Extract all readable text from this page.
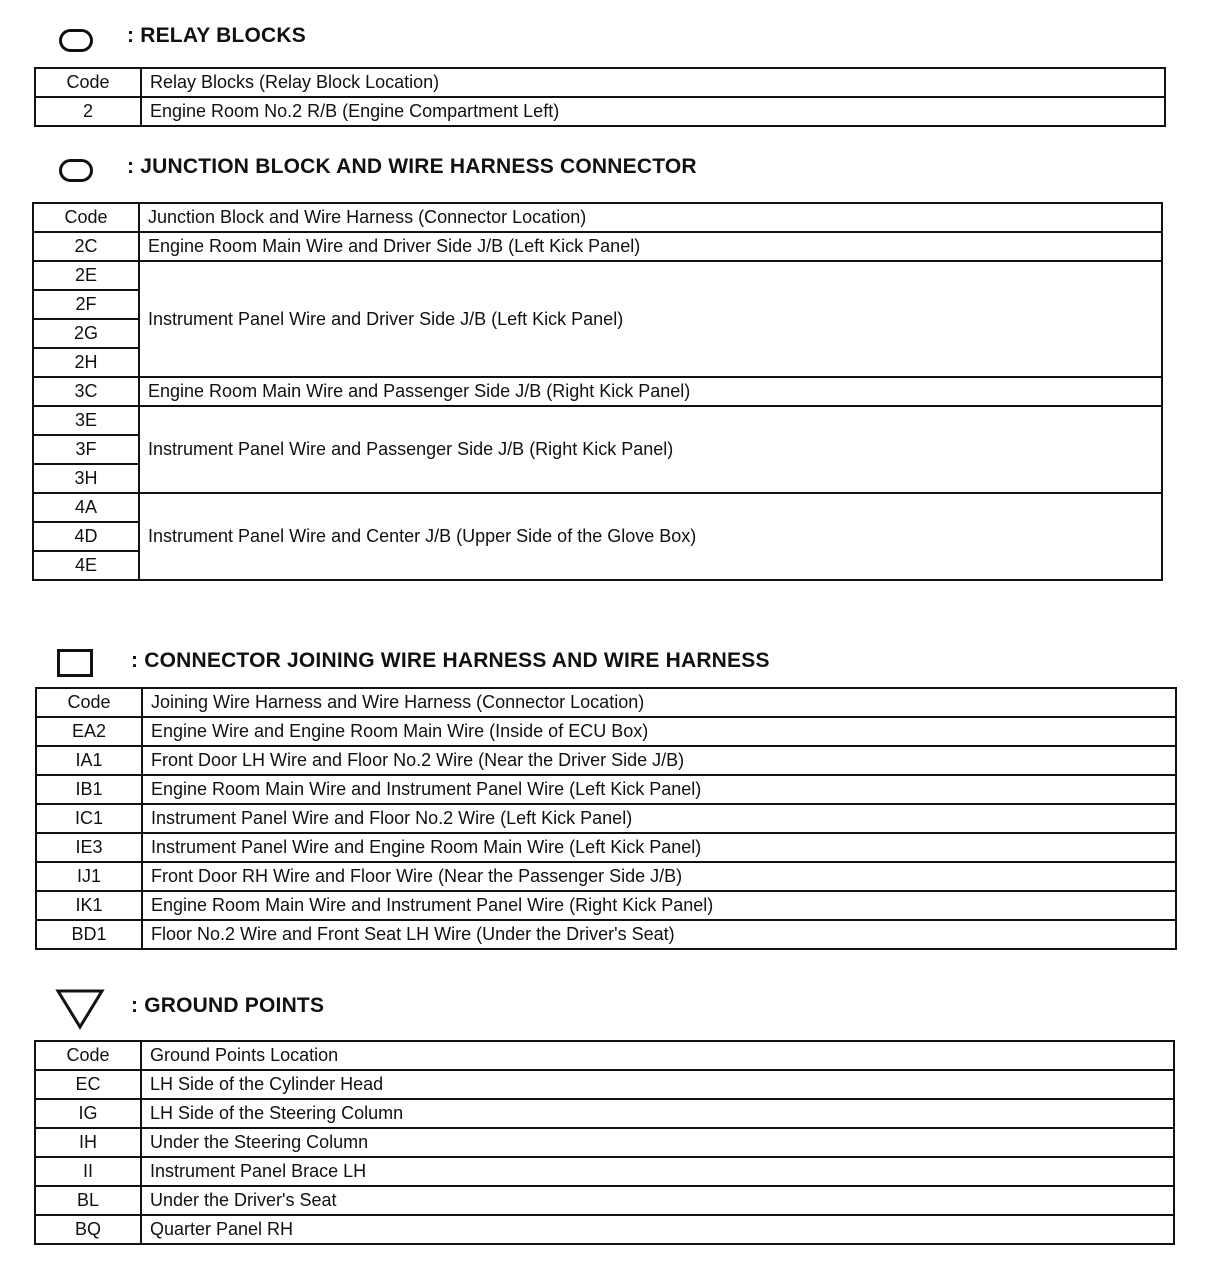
: RELAY BLOCKS
Code	Relay Blocks (Relay Block Location)
2	Engine Room No.2 R/B (Engine Compartment Left)
: JUNCTION BLOCK AND WIRE HARNESS CONNECTOR
Code	Junction Block and Wire Harness (Connector Location)
2C	Engine Room Main Wire and Driver Side J/B (Left Kick Panel)
2E	Instrument Panel Wire and Driver Side J/B (Left Kick Panel)
2F	
2G	
2H	
3C	Engine Room Main Wire and Passenger Side J/B (Right Kick Panel)
3E	Instrument Panel Wire and Passenger Side J/B (Right Kick Panel)
3F	
3H	
4A	Instrument Panel Wire and Center J/B (Upper Side of the Glove Box)
4D	
4E	
: CONNECTOR JOINING WIRE HARNESS AND WIRE HARNESS
Code	Joining Wire Harness and Wire Harness (Connector Location)
EA2	Engine Wire and Engine Room Main Wire (Inside of ECU Box)
IA1	Front Door LH Wire and Floor No.2 Wire (Near the Driver Side J/B)
IB1	Engine Room Main Wire and Instrument Panel Wire (Left Kick Panel)
IC1	Instrument Panel Wire and Floor No.2 Wire (Left Kick Panel)
IE3	Instrument Panel Wire and Engine Room Main Wire (Left Kick Panel)
IJ1	Front Door RH Wire and Floor Wire (Near the Passenger Side J/B)
IK1	Engine Room Main Wire and Instrument Panel Wire (Right Kick Panel)
BD1	Floor No.2 Wire and Front Seat LH Wire (Under the Driver's Seat)
: GROUND POINTS
Code	Ground Points Location
EC	LH Side of the Cylinder Head
IG	LH Side of the Steering Column
IH	Under the Steering Column
II	Instrument Panel Brace LH
BL	Under the Driver's Seat
BQ	Quarter Panel RH
